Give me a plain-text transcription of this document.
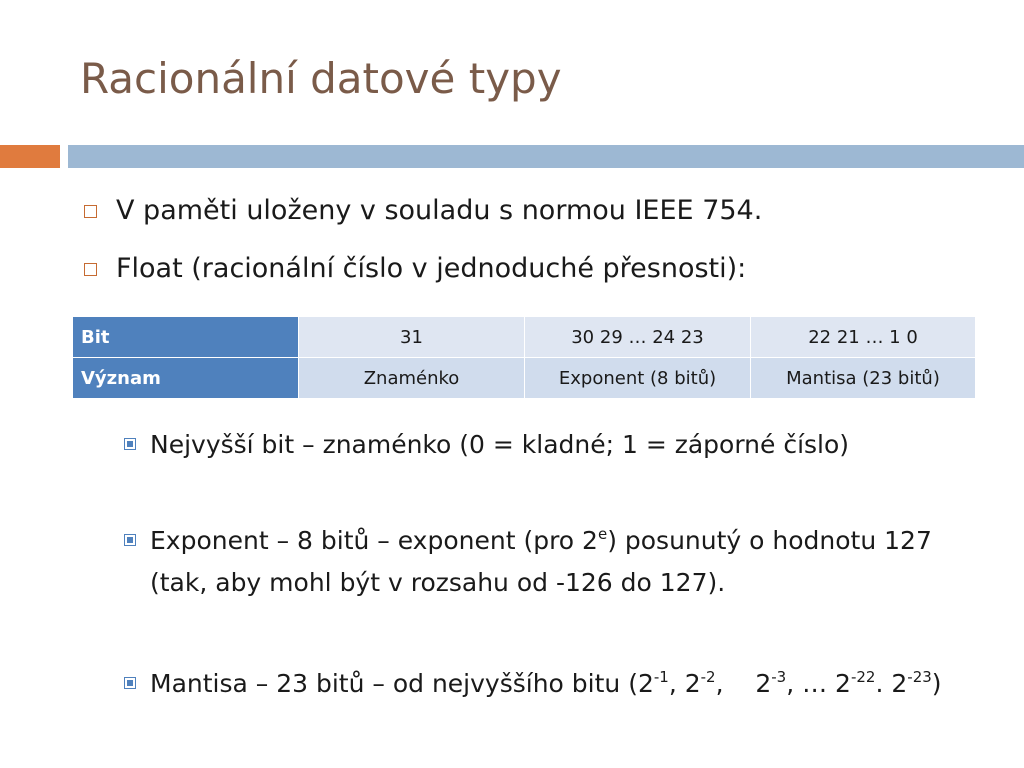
Racionální datové typy
V paměti uloženy v souladu s normou IEEE 754.
Float (racionální číslo v jednoduché přesnosti):
Bit	31	30 29 … 24 23	22 21 … 1 0
Význam	Znaménko	Exponent (8 bitů)	Mantisa (23 bitů)
Nejvyšší bit – znaménko (0 = kladné; 1 = záporné číslo)
Exponent – 8 bitů – exponent (pro 2e) posunutý o hodnotu 127 (tak, aby mohl být v rozsahu od -126 do 127).
Mantisa – 23 bitů – od nejvyššího bitu ($2^{-1}$, $2^{-2}$,    $2^{-3}$, … $2^{-22}$. $2^{-23}$)
